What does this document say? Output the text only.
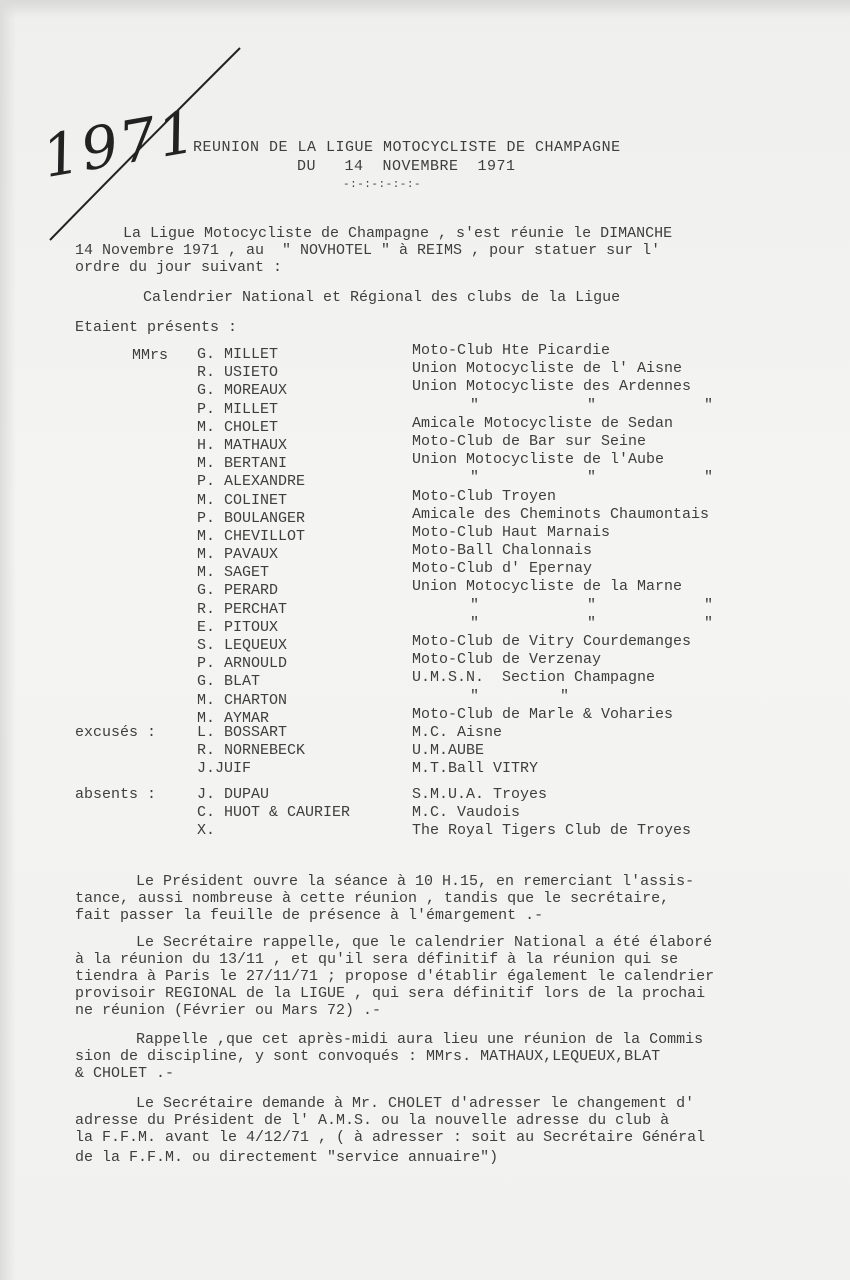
1971
REUNION DE LA LIGUE MOTOCYCLISTE DE CHAMPAGNE
DU   14  NOVEMBRE  1971
-:-:-:-:-:-
La Ligue Motocycliste de Champagne , s'est réunie le DIMANCHE
14 Novembre 1971 , au  " NOVHOTEL " à REIMS , pour statuer sur l'
ordre du jour suivant :
Calendrier National et Régional des clubs de la Ligue
Etaient présents :
MMrs G. MILLET
R. USIETO
G. MOREAUX
P. MILLET
M. CHOLET
H. MATHAUX
M. BERTANI
P. ALEXANDRE
M. COLINET
P. BOULANGER
M. CHEVILLOT
M. PAVAUX
M. SAGET
G. PERARD
R. PERCHAT
E. PITOUX
S. LEQUEUX
P. ARNOULD
G. BLAT
M. CHARTON
M. AYMAR
Moto-Club Hte Picardie
Union Motocycliste de l' Aisne
Union Motocycliste des Ardennes
"            "            "
Amicale Motocycliste de Sedan
Moto-Club de Bar sur Seine
Union Motocycliste de l'Aube
"            "            "
Moto-Club Troyen
Amicale des Cheminots Chaumontais
Moto-Club Haut Marnais
Moto-Ball Chalonnais
Moto-Club d' Epernay
Union Motocycliste de la Marne
"            "            "
"            "            "
Moto-Club de Vitry Courdemanges
Moto-Club de Verzenay
U.M.S.N.  Section Champagne
"         "
Moto-Club de Marle & Voharies
excusés :	L. BOSSART
R. NORNEBECK
J.JUIF
M.C. Aisne
U.M.AUBE
M.T.Ball VITRY
absents :	J. DUPAU
C. HUOT & CAURIER
X.
S.M.U.A. Troyes
M.C. Vaudois
The Royal Tigers Club de Troyes
Le Président ouvre la séance à 10 H.15, en remerciant l'assis-
tance, aussi nombreuse à cette réunion , tandis que le secrétaire,
fait passer la feuille de présence à l'émargement .-
Le Secrétaire rappelle, que le calendrier National a été élaboré
à la réunion du 13/11 , et qu'il sera définitif à la réunion qui se
tiendra à Paris le 27/11/71 ; propose d'établir également le calendrier
provisoir REGIONAL de la LIGUE , qui sera définitif lors de la prochai
ne réunion (Février ou Mars 72) .-
Rappelle ,que cet après-midi aura lieu une réunion de la Commis
sion de discipline, y sont convoqués : MMrs. MATHAUX,LEQUEUX,BLAT
& CHOLET .-
Le Secrétaire demande à Mr. CHOLET d'adresser le changement d'
adresse du Président de l' A.M.S. ou la nouvelle adresse du club à
la F.F.M. avant le 4/12/71 , ( à adresser : soit au Secrétaire Général
de la F.F.M. ou directement "service annuaire")
